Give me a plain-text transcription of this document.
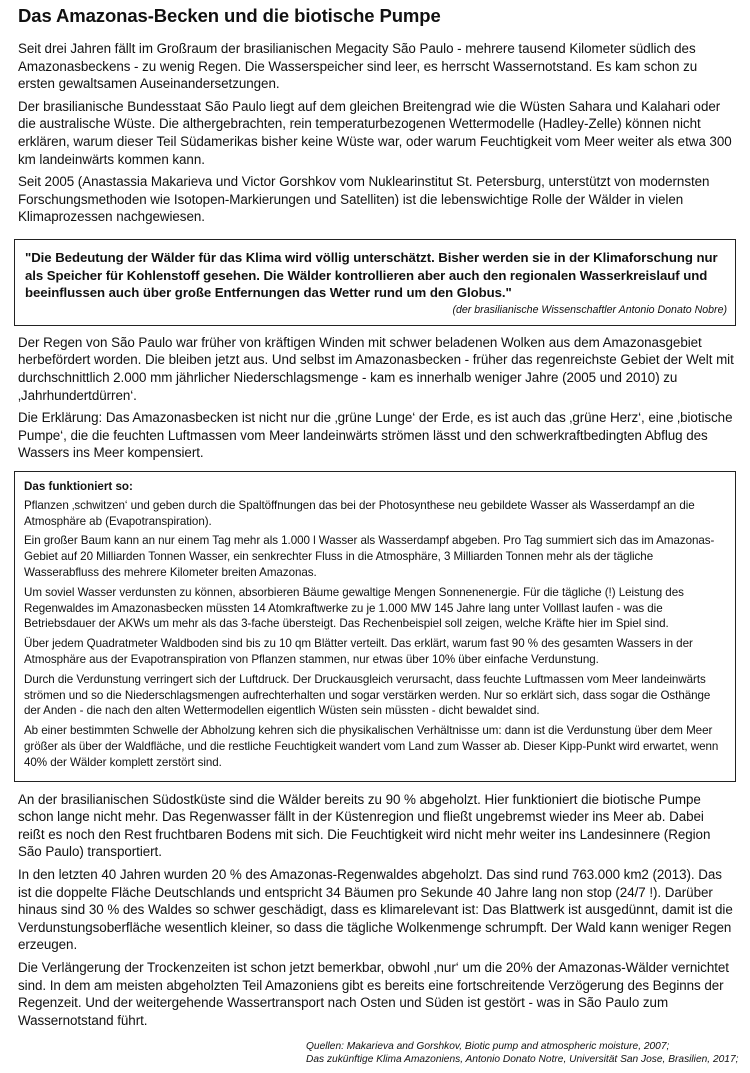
Das Amazonas-Becken und die biotische Pumpe

Seit drei Jahren fällt im Großraum der brasilianischen Megacity São Paulo - mehrere tausend Kilometer südlich des Amazonasbeckens - zu wenig Regen. Die Wasserspeicher sind leer, es herrscht Wassernotstand. Es kam schon zu ersten gewaltsamen Auseinandersetzungen.

Der brasilianische Bundesstaat São Paulo liegt auf dem gleichen Breitengrad wie die Wüsten Sahara und Kalahari oder die australische Wüste. Die althergebrachten, rein temperaturbezogenen Wettermodelle (Hadley-Zelle) können nicht erklären, warum dieser Teil Südamerikas bisher keine Wüste war, oder warum Feuchtigkeit vom Meer weiter als etwa 300 km landeinwärts kommen kann.

Seit 2005 (Anastassia Makarieva und Victor Gorshkov vom Nuklearinstitut St. Petersburg, unterstützt von modernsten Forschungsmethoden wie Isotopen-Markierungen und Satelliten) ist die lebenswichtige Rolle der Wälder in vielen Klimaprozessen nachgewiesen.

"Die Bedeutung der Wälder für das Klima wird völlig unterschätzt. Bisher werden sie in der Klimaforschung nur als Speicher für Kohlenstoff gesehen. Die Wälder kontrollieren aber auch den regionalen Wasserkreislauf und beeinflussen auch über große Entfernungen das Wetter rund um den Globus."

(der brasilianische Wissenschaftler Antonio Donato Nobre)

Der Regen von São Paulo war früher von kräftigen Winden mit schwer beladenen Wolken aus dem Amazonasgebiet herbefördert worden. Die bleiben jetzt aus. Und selbst im Amazonasbecken - früher das regenreichste Gebiet der Welt mit durchschnittlich 2.000 mm jährlicher Niederschlagsmenge - kam es innerhalb weniger Jahre (2005 und 2010) zu ‚Jahrhundertdürren‘.

Die Erklärung: Das Amazonasbecken ist nicht nur die ‚grüne Lunge‘ der Erde, es ist auch das ‚grüne Herz‘, eine ‚biotische Pumpe‘, die die feuchten Luftmassen vom Meer landeinwärts strömen lässt und den schwerkraftbedingten Abflug des Wassers ins Meer kompensiert.

Das funktioniert so:

Pflanzen ‚schwitzen‘ und geben durch die Spaltöffnungen das bei der Photosynthese neu gebildete Wasser als Wasserdampf an die Atmosphäre ab (Evapotranspiration).

Ein großer Baum kann an nur einem Tag mehr als 1.000 l Wasser als Wasserdampf abgeben. Pro Tag summiert sich das im Amazonas-Gebiet auf 20 Milliarden Tonnen Wasser, ein senkrechter Fluss in die Atmosphäre, 3 Milliarden Tonnen mehr als der tägliche Wasserabfluss des mehrere Kilometer breiten Amazonas.

Um soviel Wasser verdunsten zu können, absorbieren Bäume gewaltige Mengen Sonnenenergie. Für die tägliche (!) Leistung des Regenwaldes im Amazonasbecken müssten 14 Atomkraftwerke zu je 1.000 MW 145 Jahre lang unter Volllast laufen - was die Betriebsdauer der AKWs um mehr als das 3-fache übersteigt. Das Rechenbeispiel soll zeigen, welche Kräfte hier im Spiel sind.

Über jedem Quadratmeter Waldboden sind bis zu 10 qm Blätter verteilt. Das erklärt, warum fast 90 % des gesamten Wassers in der Atmosphäre aus der Evapotranspiration von Pflanzen stammen, nur etwas über 10% über einfache Verdunstung.

Durch die Verdunstung verringert sich der Luftdruck. Der Druckausgleich verursacht, dass feuchte Luftmassen vom Meer landeinwärts strömen und so die Niederschlagsmengen aufrechterhalten und sogar verstärken werden. Nur so erklärt sich, dass sogar die Osthänge der Anden - die nach den alten Wettermodellen eigentlich Wüsten sein müssten - dicht bewaldet sind.

Ab einer bestimmten Schwelle der Abholzung kehren sich die physikalischen Verhältnisse um: dann ist die Verdunstung über dem Meer größer als über der Waldfläche, und die restliche Feuchtigkeit wandert vom Land zum Wasser ab. Dieser Kipp-Punkt wird erwartet, wenn 40% der Wälder komplett zerstört sind.

An der brasilianischen Südostküste sind die Wälder bereits zu 90 % abgeholzt. Hier funktioniert die biotische Pumpe schon lange nicht mehr. Das Regenwasser fällt in der Küstenregion und fließt ungebremst wieder ins Meer ab. Dabei reißt es noch den Rest fruchtbaren Bodens mit sich. Die Feuchtigkeit wird nicht mehr weiter ins Landesinnere (Region São Paulo) transportiert.

In den letzten 40 Jahren wurden 20 % des Amazonas-Regenwaldes abgeholzt. Das sind rund 763.000 km2 (2013). Das ist die doppelte Fläche Deutschlands und entspricht 34 Bäumen pro Sekunde 40 Jahre lang non stop (24/7 !). Darüber hinaus sind 30 % des Waldes so schwer geschädigt, dass es klimarelevant ist: Das Blattwerk ist ausgedünnt, damit ist die Verdunstungsoberfläche wesentlich kleiner, so dass die tägliche Wolkenmenge schrumpft. Der Wald kann weniger Regen erzeugen.

Die Verlängerung der Trockenzeiten ist schon jetzt bemerkbar, obwohl ‚nur‘ um die 20% der Amazonas-Wälder vernichtet sind. In dem am meisten abgeholzten Teil Amazoniens gibt es bereits eine fortschreitende Verzögerung des Beginns der Regenzeit. Und der weitergehende Wassertransport nach Osten und Süden ist gestört - was in São Paulo zum Wassernotstand führt.

Quellen: Makarieva and Gorshkov, Biotic pump and atmospheric moisture, 2007;
Das zukünftige Klima Amazoniens, Antonio Donato Notre, Universität San Jose, Brasilien, 2017;
